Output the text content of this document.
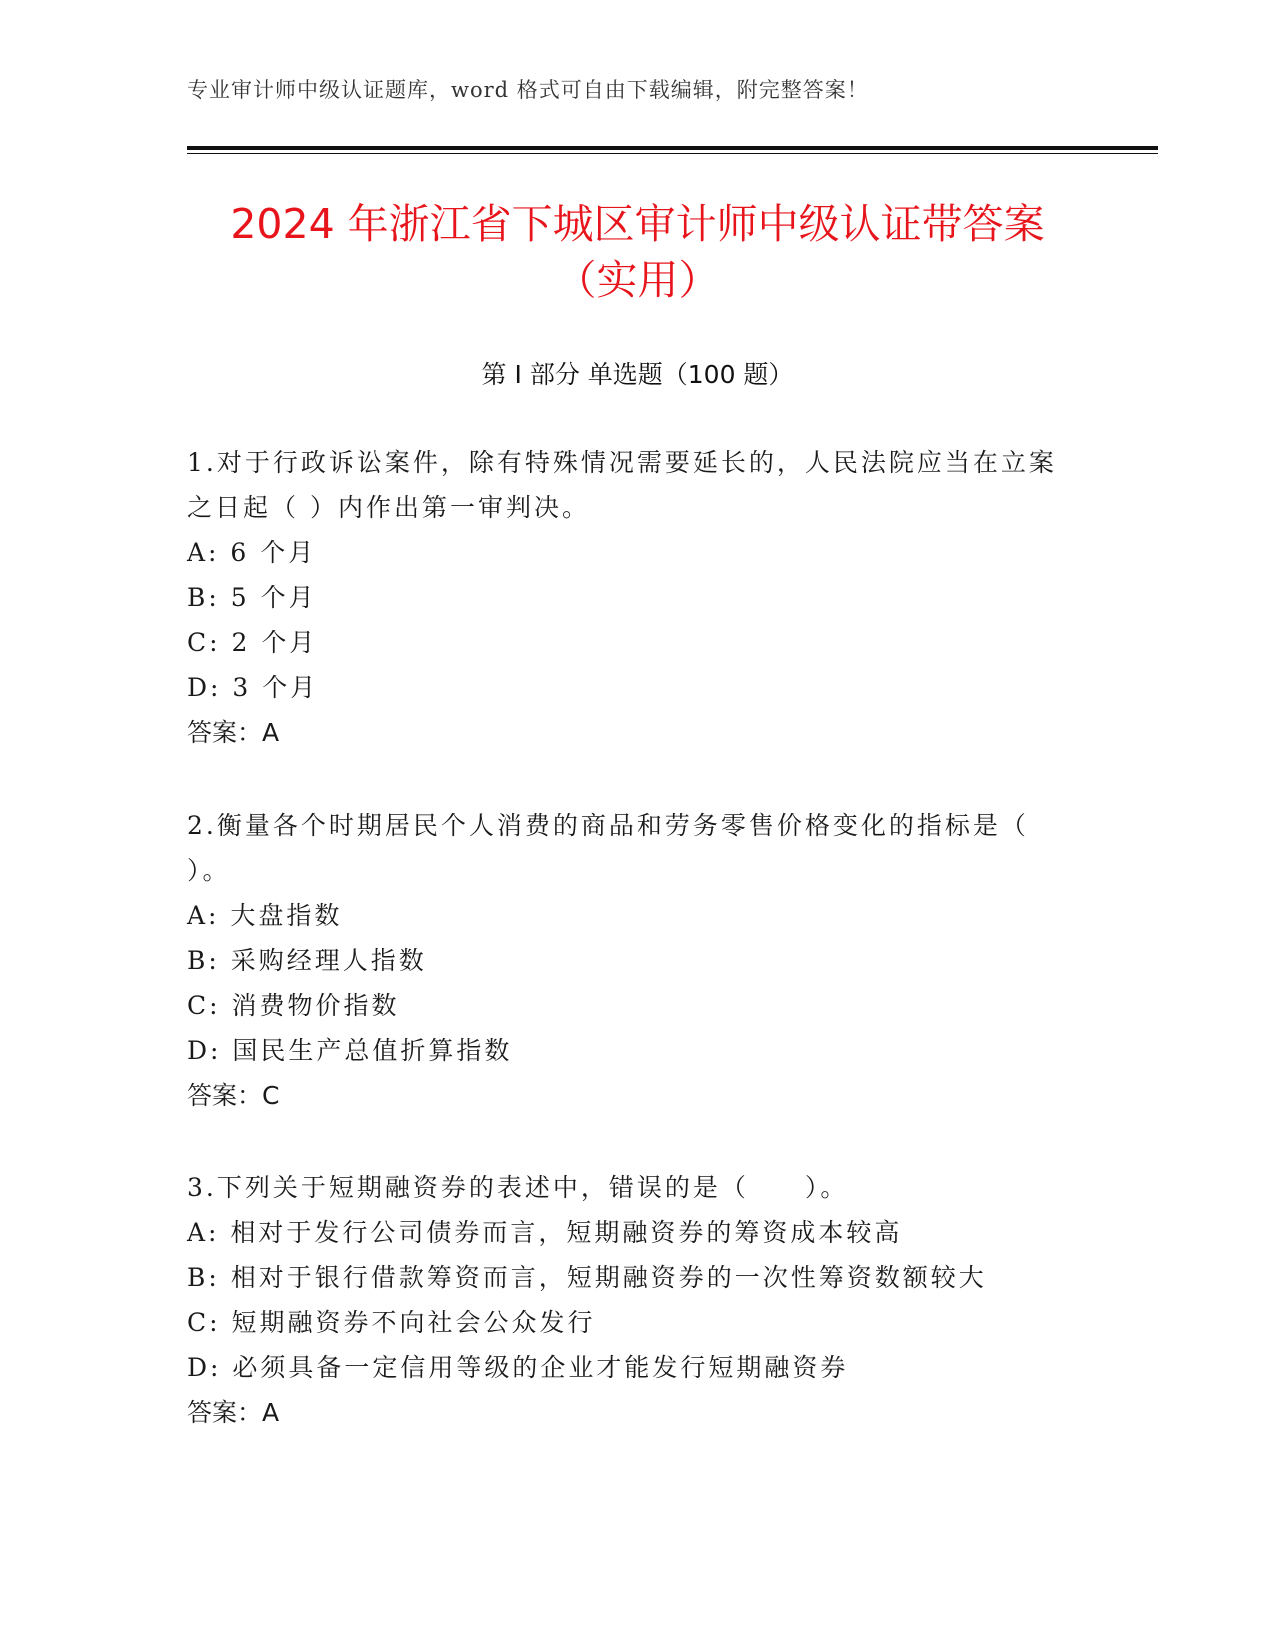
专业审计师中级认证题库，word 格式可自由下载编辑，附完整答案！
2024 年浙江省下城区审计师中级认证带答案
（实用）
第 I 部分 单选题（100 题）

1.对于行政诉讼案件，除有特殊情况需要延长的，人民法院应当在立案之日起（ ）内作出第一审判决。

A: 6 个月

B: 5 个月

C: 2 个月

D: 3 个月

答案：A

2.衡量各个时期居民个人消费的商品和劳务零售价格变化的指标是（ ）。

A: 大盘指数

B: 采购经理人指数

C: 消费物价指数

D: 国民生产总值折算指数

答案：C

3.下列关于短期融资券的表述中，错误的是（　　）。

A: 相对于发行公司债券而言，短期融资券的筹资成本较高

B: 相对于银行借款筹资而言，短期融资券的一次性筹资数额较大

C: 短期融资券不向社会公众发行

D: 必须具备一定信用等级的企业才能发行短期融资券

答案：A
